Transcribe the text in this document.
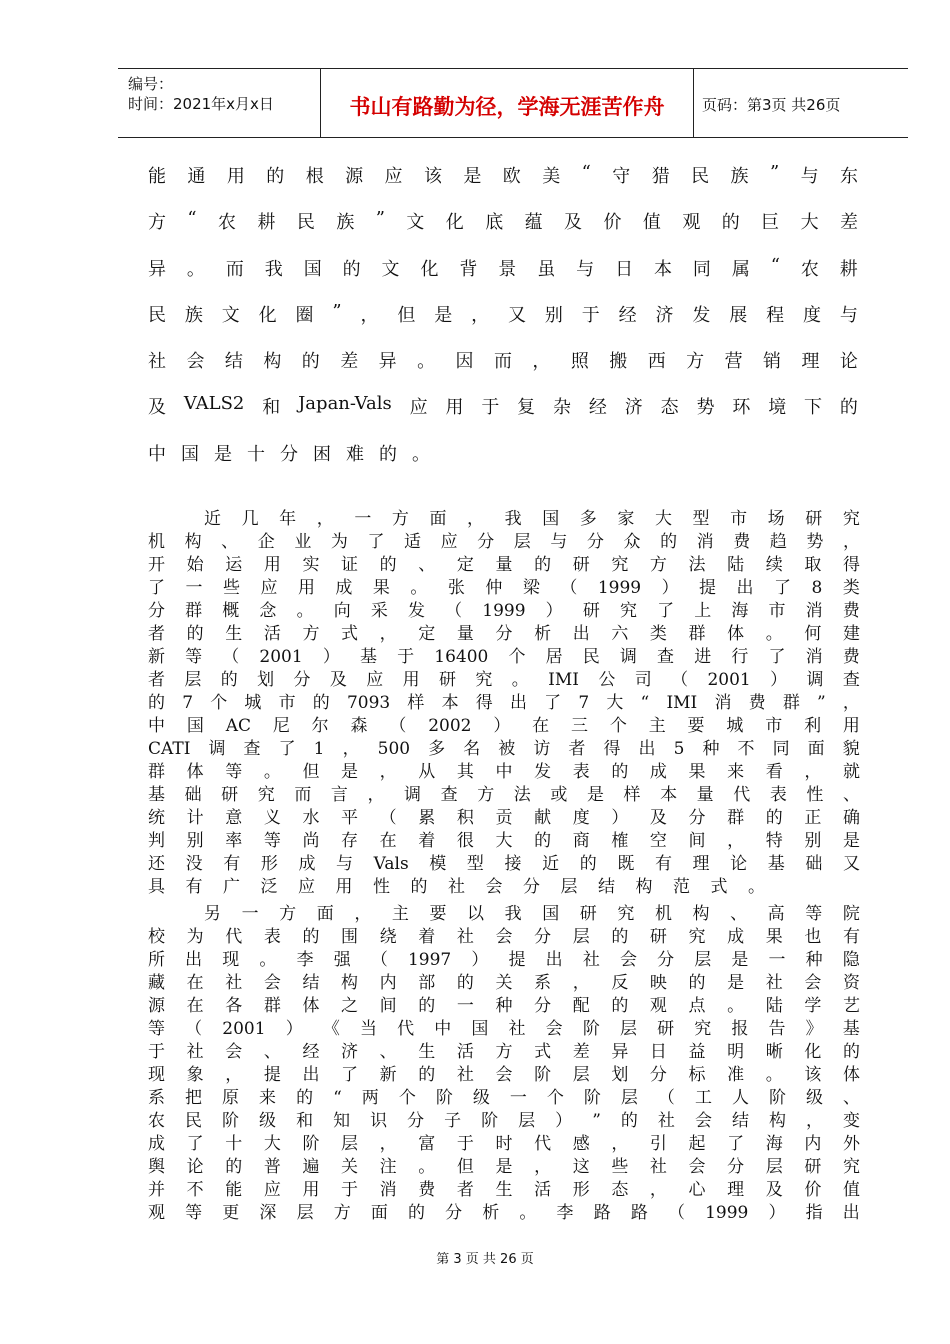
编号：
时间：2021年x月x日	书山有路勤为径，学海无涯苦作舟	页码：第3页 共26页
能 通 用 的 根 源 应 该 是 欧 美 “ 守 猎 民 族 ” 与 东
方 “ 农 耕 民 族 ” 文 化 底 蕴 及 价 值 观 的 巨 大 差
异 。 而 我 国 的 文 化 背 景 虽 与 日 本 同 属 “ 农 耕
民 族 文 化 圈 ” ， 但 是 ， 又 别 于 经 济 发 展 程 度 与
社 会 结 构 的 差 异 。 因 而 ， 照 搬 西 方 营 销 理 论
及 VALS2 和 Japan-Vals 应 用 于 复 杂 经 济 态 势 环 境 下 的
中 国 是 十 分 困 难 的 。
近 几 年 ， 一 方 面 ， 我 国 多 家 大 型 市 场 研 究
机 构 、 企 业 为 了 适 应 分 层 与 分 众 的 消 费 趋 势 ，
开 始 运 用 实 证 的 、 定 量 的 研 究 方 法 陆 续 取 得
了 一 些 应 用 成 果 。 张 仲 梁 （ 1999 ） 提 出 了 8 类
分 群 概 念 。 向 采 发 （ 1999 ） 研 究 了 上 海 市 消 费
者 的 生 活 方 式 ， 定 量 分 析 出 六 类 群 体 。 何 建
新 等 （ 2001 ） 基 于 16400 个 居 民 调 查 进 行 了 消 费
者 层 的 划 分 及 应 用 研 究 。 IMI 公 司 （ 2001 ） 调 查
的 7 个 城 市 的 7093 样 本 得 出 了 7 大 “ IMI 消 费 群 ” ，
中 国 AC 尼 尔 森 （ 2002 ） 在 三 个 主 要 城 市 利 用
CATI 调 查 了 1 ， 500 多 名 被 访 者 得 出 5 种 不 同 面 貌
群 体 等 。 但 是 ， 从 其 中 发 表 的 成 果 来 看 ， 就
基 础 研 究 而 言 ， 调 查 方 法 或 是 样 本 量 代 表 性 、
统 计 意 义 水 平 （ 累 积 贡 献 度 ） 及 分 群 的 正 确
判 别 率 等 尚 存 在 着 很 大 的 商 榷 空 间 ， 特 别 是
还 没 有 形 成 与 Vals 模 型 接 近 的 既 有 理 论 基 础 又
具	有	广	泛	应	用	性	的	社	会	分	层	结	构	范	式	。
另 一 方 面 ， 主 要 以 我 国 研 究 机 构 、 高 等 院
校 为 代 表 的 围 绕 着 社 会 分 层 的 研 究 成 果 也 有
所 出 现 。 李 强 （ 1997 ） 提 出 社 会 分 层 是 一 种 隐
藏 在 社 会 结 构 内 部 的 关 系 ， 反 映 的 是 社 会 资
源 在 各 群 体 之 间 的 一 种 分 配 的 观 点 。 陆 学 艺
等 （ 2001 ） 《 当 代 中 国 社 会 阶 层 研 究 报 告 》 基
于 社 会 、 经 济 、 生 活 方 式 差 异 日 益 明 晰 化 的
现 象 ， 提 出 了 新 的 社 会 阶 层 划 分 标 准 。 该 体
系 把 原 来 的 “ 两 个 阶 级 一 个 阶 层 （ 工 人 阶 级 、
农 民 阶 级 和 知 识 分 子 阶 层 ） ” 的 社 会 结 构 ， 变
成 了 十 大 阶 层 ， 富 于 时 代 感 ， 引 起 了 海 内 外
舆 论 的 普 遍 关 注 。 但 是 ， 这 些 社 会 分 层 研 究
并 不 能 应 用 于 消 费 者 生 活 形 态 ， 心 理 及 价 值
观 等 更 深 层 方 面 的 分 析 。 李 路 路 （ 1999 ） 指 出
第 3 页 共 26 页
